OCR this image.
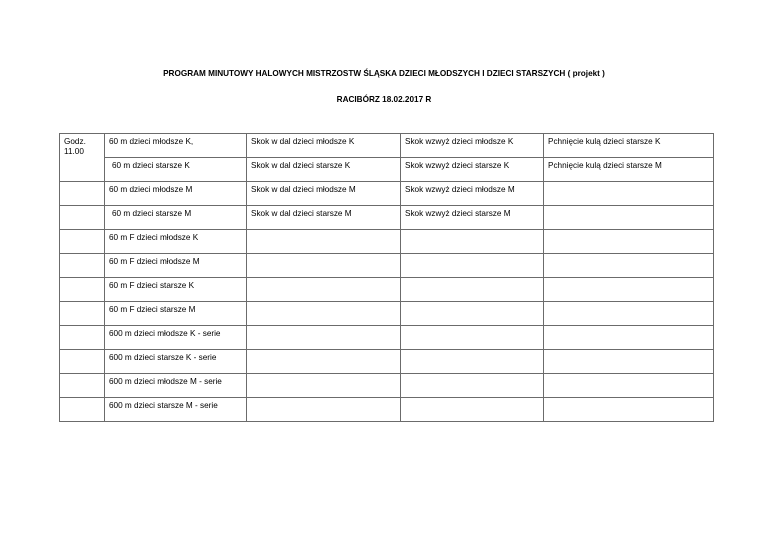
PROGRAM MINUTOWY HALOWYCH MISTRZOSTW ŚLĄSKA DZIECI MŁODSZYCH I DZIECI STARSZYCH ( projekt )
RACIBÓRZ 18.02.2017 R
Godz.
11.00	60 m dzieci młodsze K,	Skok w dal dzieci młodsze K	Skok wzwyż dzieci młodsze K	Pchnięcie kulą dzieci starsze K

	60 m dzieci starsze K	Skok w dal dzieci starsze K	Skok wzwyż dzieci starsze K	Pchnięcie kulą dzieci starsze M

	60 m dzieci młodsze M	Skok w dal dzieci młodsze M	Skok wzwyż dzieci młodsze M	

	60 m dzieci starsze M	Skok w dal dzieci starsze M	Skok wzwyż dzieci starsze M	

	60 m F dzieci młodsze K			

	60 m F dzieci młodsze M			

	60 m F dzieci starsze K			

	60 m F dzieci starsze M			

	600 m dzieci młodsze K - serie			

	600 m dzieci starsze K - serie			

	600 m dzieci młodsze M - serie			

	600 m dzieci starsze M - serie			
